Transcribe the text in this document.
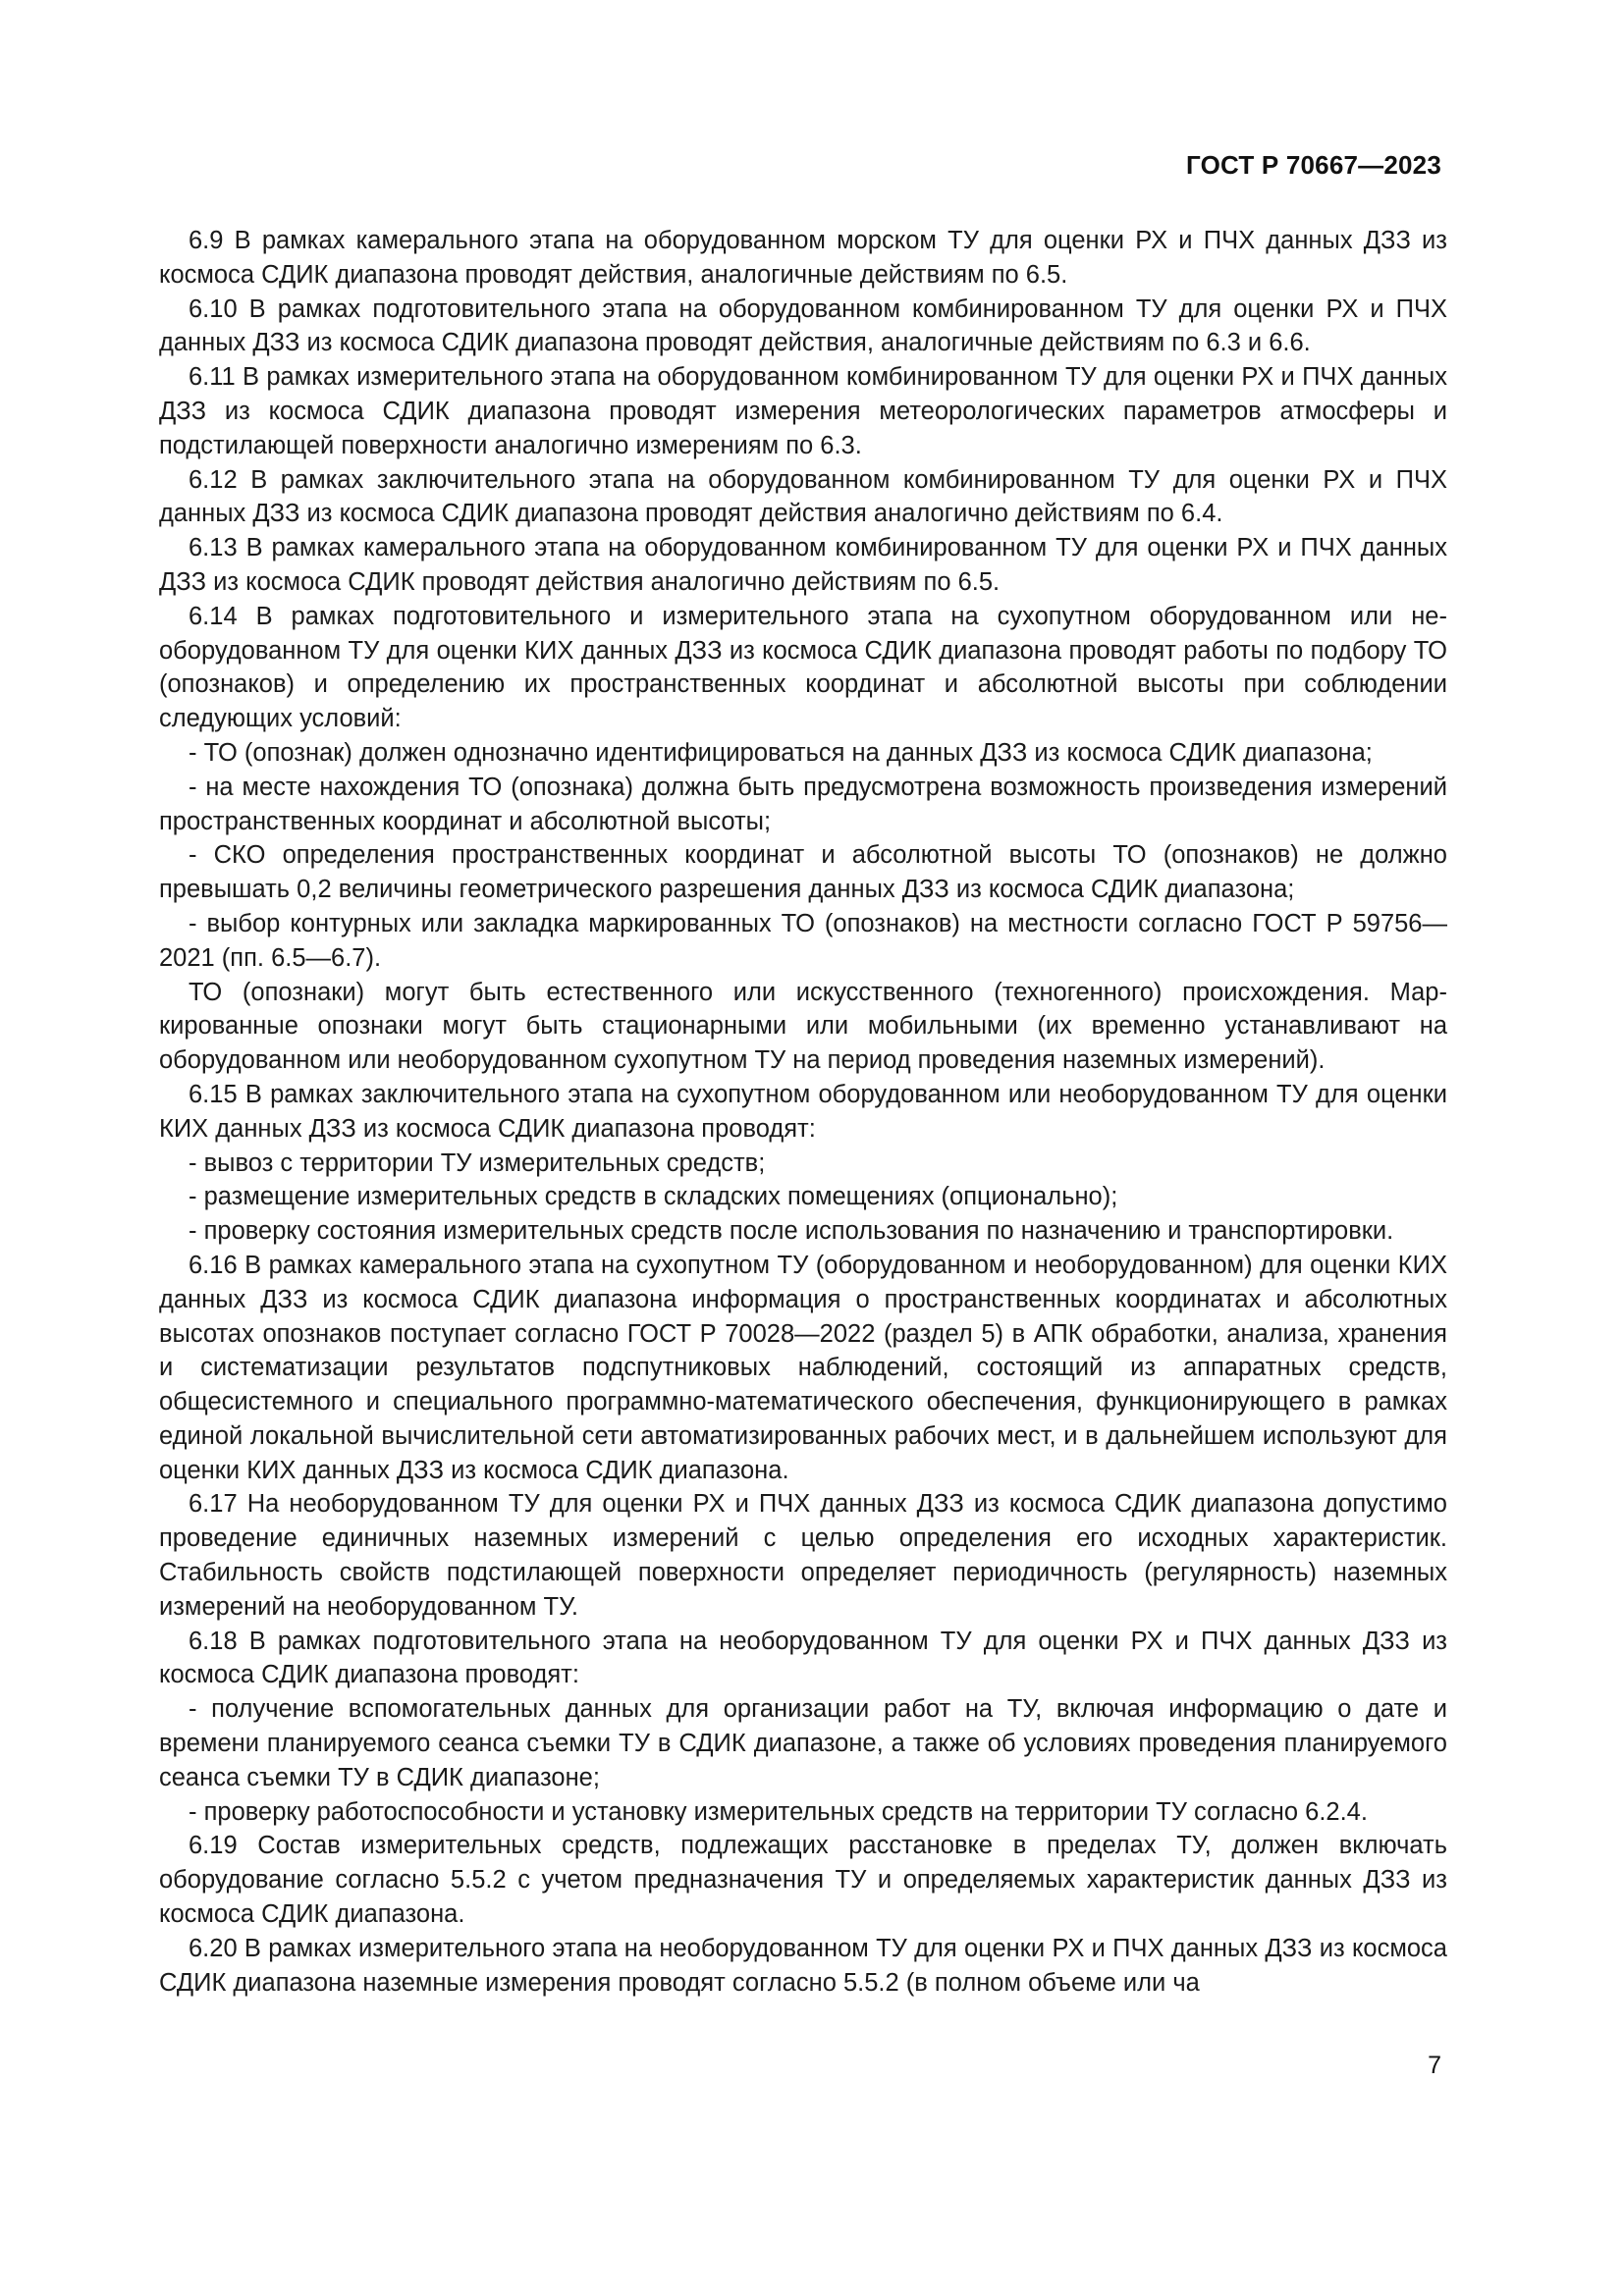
ГОСТ Р 70667—2023

6.9 В рамках камерального этапа на оборудованном морском ТУ для оценки РХ и ПЧХ данных ДЗЗ из космоса СДИК диапазона проводят действия, аналогичные действиям по 6.5.

6.10 В рамках подготовительного этапа на оборудованном комбинированном ТУ для оценки РХ и ПЧХ данных ДЗЗ из космоса СДИК диапазона проводят действия, аналогичные действиям по 6.3 и 6.6.

6.11 В рамках измерительного этапа на оборудованном комбинированном ТУ для оценки РХ и ПЧХ данных ДЗЗ из космоса СДИК диапазона проводят измерения метеорологических параметров атмосферы и подстилающей поверхности аналогично измерениям по 6.3.

6.12 В рамках заключительного этапа на оборудованном комбинированном ТУ для оценки РХ и ПЧХ данных ДЗЗ из космоса СДИК диапазона проводят действия аналогично действиям по 6.4.

6.13 В рамках камерального этапа на оборудованном комбинированном ТУ для оценки РХ и ПЧХ данных ДЗЗ из космоса СДИК проводят действия аналогично действиям по 6.5.

6.14 В рамках подготовительного и измерительного этапа на сухопутном оборудованном или необорудованном ТУ для оценки КИХ данных ДЗЗ из космоса СДИК диапазона проводят работы по подбору ТО (опознаков) и определению их пространственных координат и абсолютной высоты при соблюдении следующих условий:

- ТО (опознак) должен однозначно идентифицироваться на данных ДЗЗ из космоса СДИК диапазона;

- на месте нахождения ТО (опознака) должна быть предусмотрена возможность произведения измерений пространственных координат и абсолютной высоты;

- СКО определения пространственных координат и абсолютной высоты ТО (опознаков) не должно превышать 0,2 величины геометрического разрешения данных ДЗЗ из космоса СДИК диапазона;

- выбор контурных или закладка маркированных ТО (опознаков) на местности согласно ГОСТ Р 59756—2021 (пп. 6.5—6.7).

ТО (опознаки) могут быть естественного или искусственного (техногенного) происхождения. Маркированные опознаки могут быть стационарными или мобильными (их временно устанавливают на оборудованном или необорудованном сухопутном ТУ на период проведения наземных измерений).

6.15 В рамках заключительного этапа на сухопутном оборудованном или необорудованном ТУ для оценки КИХ данных ДЗЗ из космоса СДИК диапазона проводят:

- вывоз с территории ТУ измерительных средств;

- размещение измерительных средств в складских помещениях (опционально);

- проверку состояния измерительных средств после использования по назначению и транспортировки.

6.16 В рамках камерального этапа на сухопутном ТУ (оборудованном и необорудованном) для оценки КИХ данных ДЗЗ из космоса СДИК диапазона информация о пространственных координатах и абсолютных высотах опознаков поступает согласно ГОСТ Р 70028—2022 (раздел 5) в АПК обработки, анализа, хранения и систематизации результатов подспутниковых наблюдений, состоящий из аппаратных средств, общесистемного и специального программно-математического обеспечения, функционирующего в рамках единой локальной вычислительной сети автоматизированных рабочих мест, и в дальнейшем используют для оценки КИХ данных ДЗЗ из космоса СДИК диапазона.

6.17 На необорудованном ТУ для оценки РХ и ПЧХ данных ДЗЗ из космоса СДИК диапазона допустимо проведение единичных наземных измерений с целью определения его исходных характеристик. Стабильность свойств подстилающей поверхности определяет периодичность (регулярность) наземных измерений на необорудованном ТУ.

6.18 В рамках подготовительного этапа на необорудованном ТУ для оценки РХ и ПЧХ данных ДЗЗ из космоса СДИК диапазона проводят:

- получение вспомогательных данных для организации работ на ТУ, включая информацию о дате и времени планируемого сеанса съемки ТУ в СДИК диапазоне, а также об условиях проведения планируемого сеанса съемки ТУ в СДИК диапазоне;

- проверку работоспособности и установку измерительных средств на территории ТУ согласно 6.2.4.

6.19 Состав измерительных средств, подлежащих расстановке в пределах ТУ, должен включать оборудование согласно 5.5.2 с учетом предназначения ТУ и определяемых характеристик данных ДЗЗ из космоса СДИК диапазона.

6.20 В рамках измерительного этапа на необорудованном ТУ для оценки РХ и ПЧХ данных ДЗЗ из космоса СДИК диапазона наземные измерения проводят согласно 5.5.2 (в полном объеме или ча

7
